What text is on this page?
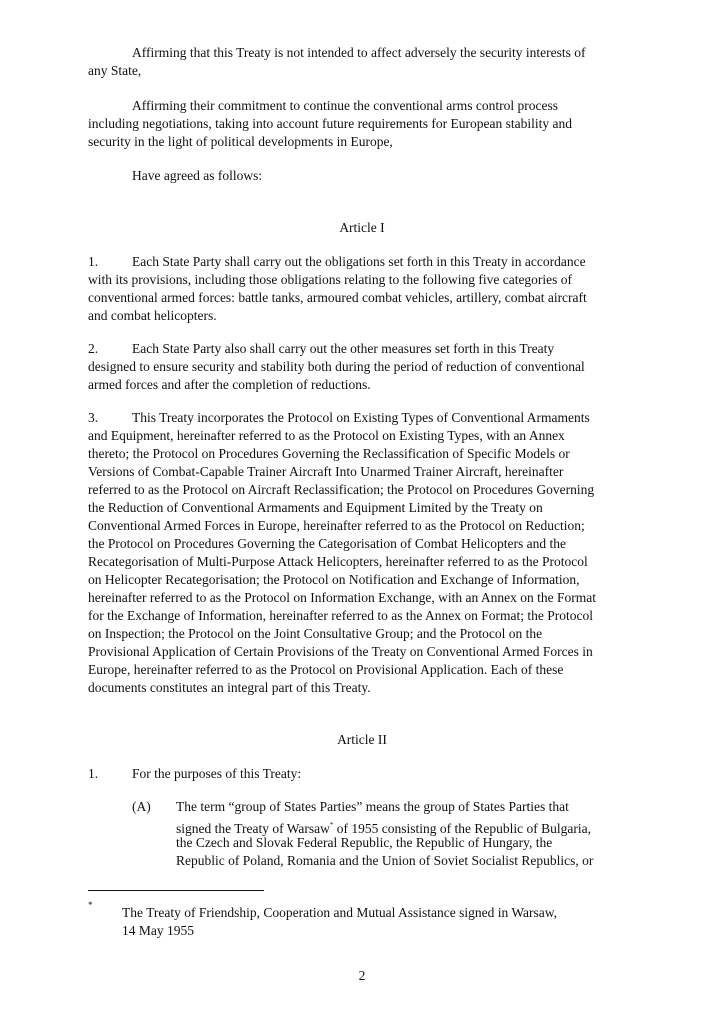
Affirming that this Treaty is not intended to affect adversely the security interests of
any State,
Affirming their commitment to continue the conventional arms control process
including negotiations, taking into account future requirements for European stability and
security in the light of political developments in Europe,
Have agreed as follows:
Article I
1.	Each State Party shall carry out the obligations set forth in this Treaty in accordance
with its provisions, including those obligations relating to the following five categories of
conventional armed forces: battle tanks, armoured combat vehicles, artillery, combat aircraft
and combat helicopters.
2.	Each State Party also shall carry out the other measures set forth in this Treaty
designed to ensure security and stability both during the period of reduction of conventional
armed forces and after the completion of reductions.
3.	This Treaty incorporates the Protocol on Existing Types of Conventional Armaments
and Equipment, hereinafter referred to as the Protocol on Existing Types, with an Annex
thereto; the Protocol on Procedures Governing the Reclassification of Specific Models or
Versions of Combat-Capable Trainer Aircraft Into Unarmed Trainer Aircraft, hereinafter
referred to as the Protocol on Aircraft Reclassification; the Protocol on Procedures Governing
the Reduction of Conventional Armaments and Equipment Limited by the Treaty on
Conventional Armed Forces in Europe, hereinafter referred to as the Protocol on Reduction;
the Protocol on Procedures Governing the Categorisation of Combat Helicopters and the
Recategorisation of Multi-Purpose Attack Helicopters, hereinafter referred to as the Protocol
on Helicopter Recategorisation; the Protocol on Notification and Exchange of Information,
hereinafter referred to as the Protocol on Information Exchange, with an Annex on the Format
for the Exchange of Information, hereinafter referred to as the Annex on Format; the Protocol
on Inspection; the Protocol on the Joint Consultative Group; and the Protocol on the
Provisional Application of Certain Provisions of the Treaty on Conventional Armed Forces in
Europe, hereinafter referred to as the Protocol on Provisional Application. Each of these
documents constitutes an integral part of this Treaty.
Article II
1.	For the purposes of this Treaty:
(A) The term “group of States Parties” means the group of States Parties that
signed the Treaty of Warsaw* of 1955 consisting of the Republic of Bulgaria,
the Czech and Slovak Federal Republic, the Republic of Hungary, the
Republic of Poland, Romania and the Union of Soviet Socialist Republics, or
* The Treaty of Friendship, Cooperation and Mutual Assistance signed in Warsaw,
14 May 1955
2
